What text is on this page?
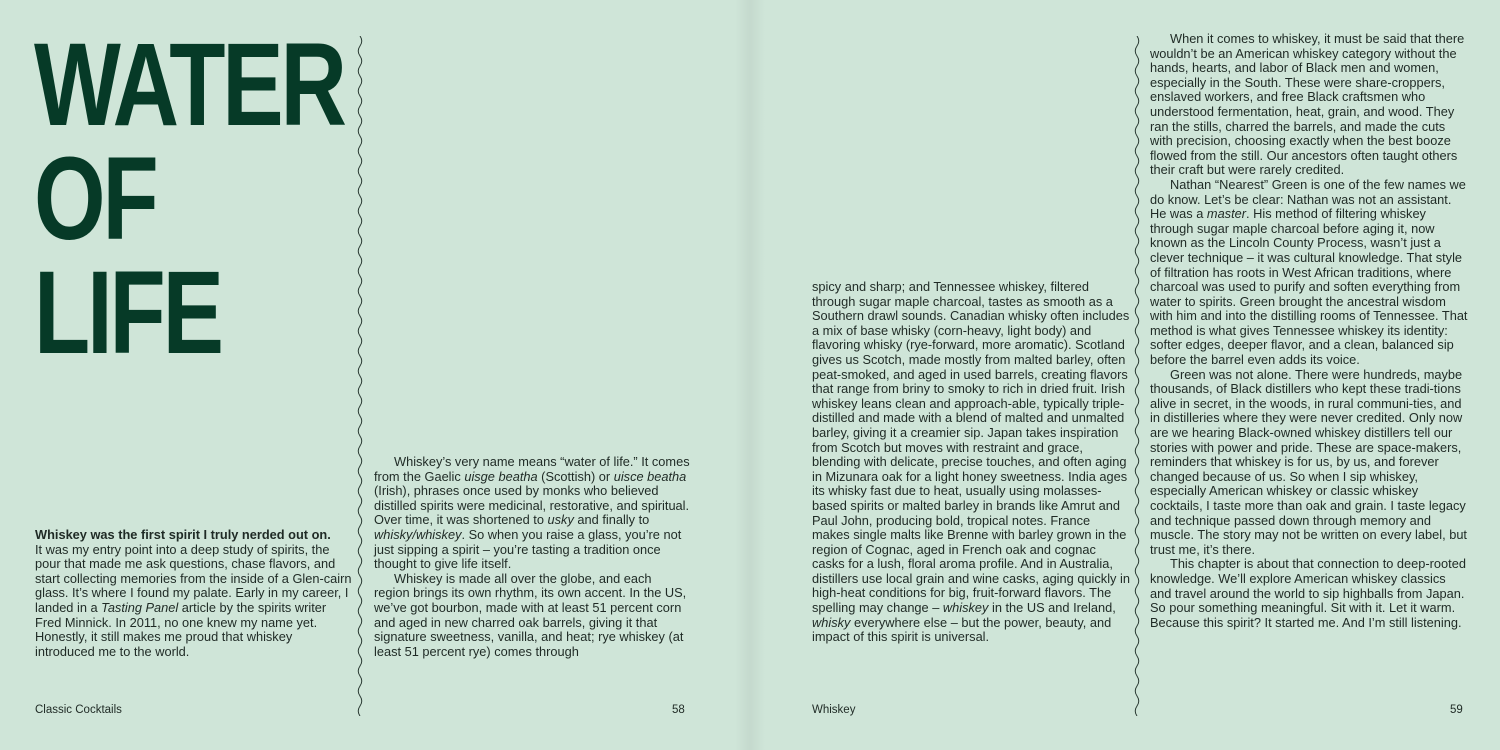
WATER
OF
LIFE

Whiskey was the first spirit I truly nerded out on.
It was my entry point into a deep study of spirits, the pour that made me ask questions, chase flavors, and start collecting memories from the inside of a Glen-cairn glass. It’s where I found my palate. Early in my career, I landed in a Tasting Panel article by the spirits writer Fred Minnick. In 2011, no one knew my name yet. Honestly, it still makes me proud that whiskey introduced me to the world.

Whiskey’s very name means “water of life.” It comes from the Gaelic uisge beatha (Scottish) or uisce beatha (Irish), phrases once used by monks who believed distilled spirits were medicinal, restorative, and spiritual. Over time, it was shortened to usky and finally to whisky/whiskey. So when you raise a glass, you’re not just sipping a spirit – you’re tasting a tradition once thought to give life itself.

Whiskey is made all over the globe, and each region brings its own rhythm, its own accent. In the US, we’ve got bourbon, made with at least 51 percent corn and aged in new charred oak barrels, giving it that signature sweetness, vanilla, and heat; rye whiskey (at least 51 percent rye) comes through

spicy and sharp; and Tennessee whiskey, filtered through sugar maple charcoal, tastes as smooth as a Southern drawl sounds. Canadian whisky often includes a mix of base whisky (corn-heavy, light body) and flavoring whisky (rye-forward, more aromatic). Scotland gives us Scotch, made mostly from malted barley, often peat-smoked, and aged in used barrels, creating flavors that range from briny to smoky to rich in dried fruit. Irish whiskey leans clean and approach-able, typically triple-distilled and made with a blend of malted and unmalted barley, giving it a creamier sip. Japan takes inspiration from Scotch but moves with restraint and grace, blending with delicate, precise touches, and often aging in Mizunara oak for a light honey sweetness. India ages its whisky fast due to heat, usually using molasses-based spirits or malted barley in brands like Amrut and Paul John, producing bold, tropical notes. France makes single malts like Brenne with barley grown in the region of Cognac, aged in French oak and cognac casks for a lush, floral aroma profile. And in Australia, distillers use local grain and wine casks, aging quickly in high-heat conditions for big, fruit-forward flavors. The spelling may change – whiskey in the US and Ireland, whisky everywhere else – but the power, beauty, and impact of this spirit is universal.

When it comes to whiskey, it must be said that there wouldn’t be an American whiskey category without the hands, hearts, and labor of Black men and women, especially in the South. These were share-croppers, enslaved workers, and free Black craftsmen who understood fermentation, heat, grain, and wood. They ran the stills, charred the barrels, and made the cuts with precision, choosing exactly when the best booze flowed from the still. Our ancestors often taught others their craft but were rarely credited.

Nathan “Nearest” Green is one of the few names we do know. Let’s be clear: Nathan was not an assistant. He was a master. His method of filtering whiskey through sugar maple charcoal before aging it, now known as the Lincoln County Process, wasn’t just a clever technique – it was cultural knowledge. That style of filtration has roots in West African traditions, where charcoal was used to purify and soften everything from water to spirits. Green brought the ancestral wisdom with him and into the distilling rooms of Tennessee. That method is what gives Tennessee whiskey its identity: softer edges, deeper flavor, and a clean, balanced sip before the barrel even adds its voice.

Green was not alone. There were hundreds, maybe thousands, of Black distillers who kept these tradi-tions alive in secret, in the woods, in rural communi-ties, and in distilleries where they were never credited. Only now are we hearing Black-owned whiskey distillers tell our stories with power and pride. These are space-makers, reminders that whiskey is for us, by us, and forever changed because of us. So when I sip whiskey, especially American whiskey or classic whiskey cocktails, I taste more than oak and grain. I taste legacy and technique passed down through memory and muscle. The story may not be written on every label, but trust me, it’s there.

This chapter is about that connection to deep-rooted knowledge. We’ll explore American whiskey classics and travel around the world to sip highballs from Japan. So pour something meaningful. Sit with it. Let it warm. Because this spirit? It started me. And I’m still listening.

Classic Cocktails	58	Whiskey	59
